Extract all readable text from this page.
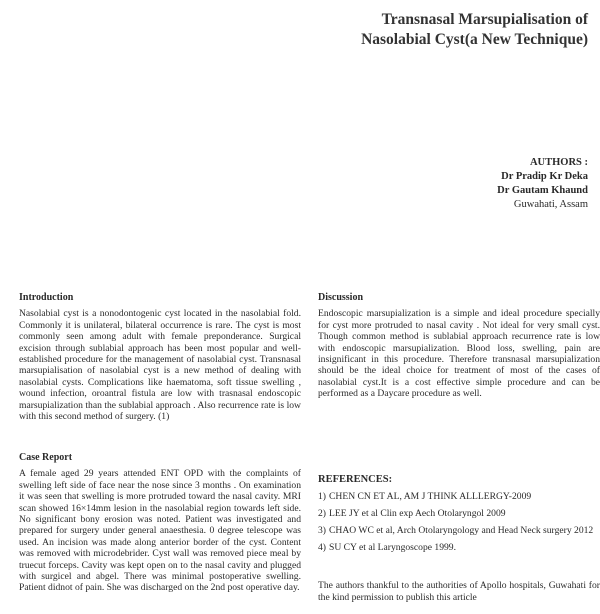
Transnasal Marsupialisation of
Nasolabial Cyst(a New Technique)
AUTHORS :
Dr Pradip Kr Deka
Dr Gautam Khaund
Guwahati, Assam
Introduction

Nasolabial cyst is a nonodontogenic cyst located in the nasolabial fold. Commonly it is unilateral, bilateral occurrence is rare. The cyst is most commonly seen among adult with female preponderance. Surgical excision through sublabial approach has been most popular and well-established procedure for the management of nasolabial cyst. Transnasal marsupialisation of nasolabial cyst is a new method of dealing with nasolabial cysts. Complications like haematoma, soft tissue swelling , wound infection, oroantral fistula are low with trasnasal endoscopic marsupialization than the sublabial approach . Also recurrence rate is low with this second method of surgery. (1)

Case Report

A female aged 29 years attended ENT OPD with the complaints of swelling left side of face near the nose since 3 months . On examination it was seen that swelling is more protruded toward the nasal cavity. MRI scan showed 16×14mm lesion in the nasolabial region towards left side. No significant bony erosion was noted. Patient was investigated and prepared for surgery under general anaesthesia. 0 degree telescope was used. An incision was made along anterior border of the cyst. Content was removed with microdebrider. Cyst wall was removed piece meal by truecut forceps. Cavity was kept open on to the nasal cavity and plugged with surgicel and abgel. There was minimal postoperative swelling. Patient didnot of pain. She was discharged on the 2nd post operative day.

Discussion

Endoscopic marsupialization is a simple and ideal procedure specially for cyst more protruded to nasal cavity . Not ideal for very small cyst. Though common method is sublabial approach recurrence rate is low with endoscopic marsupialization. Blood loss, swelling, pain are insignificant in this procedure. Therefore transnasal marsupialization should be the ideal choice for treatment of most of the cases of nasolabial cyst.It is a cost effective simple procedure and can be performed as a Daycare procedure as well.

REFERENCES:
1) CHEN CN ET AL, AM J THINK ALLLERGY-2009
2) LEE JY et al Clin exp Aech Otolaryngol 2009
3) CHAO WC et al, Arch Otolaryngology and Head Neck surgery 2012
4) SU CY et al Laryngoscope 1999.

The authors thankful to the authorities of Apollo hospitals, Guwahati for the kind permission to publish this article
